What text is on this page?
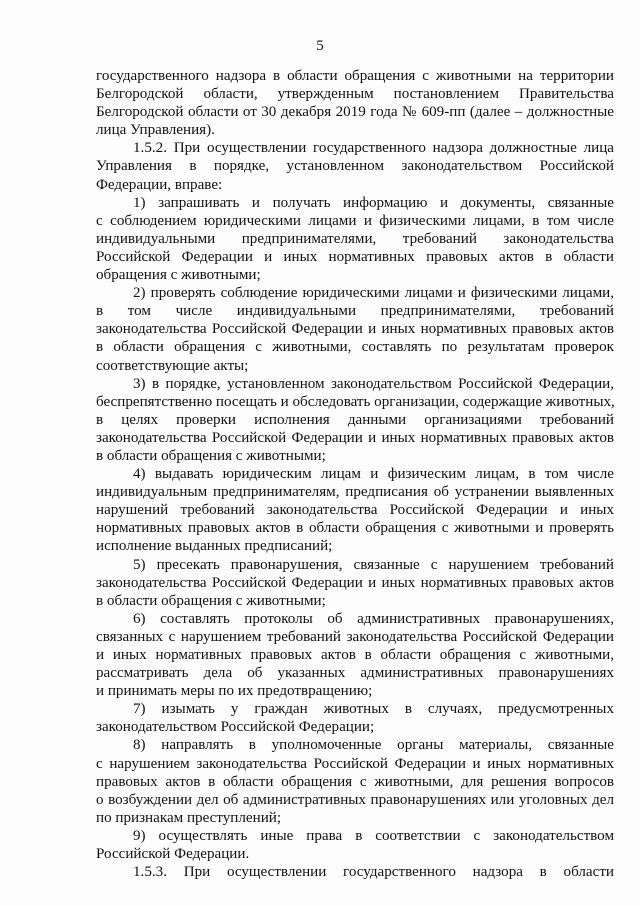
5
государственного надзора в области обращения с животными на территории
Белгородской области, утвержденным постановлением Правительства
Белгородской области от 30 декабря 2019 года № 609-пп (далее – должностные
лица Управления).
1.5.2. При осуществлении государственного надзора должностные лица
Управления в порядке, установленном законодательством Российской
Федерации, вправе:
1) запрашивать и получать информацию и документы, связанные
с соблюдением юридическими лицами и физическими лицами, в том числе
индивидуальными предпринимателями, требований законодательства
Российской Федерации и иных нормативных правовых актов в области
обращения с животными;
2) проверять соблюдение юридическими лицами и физическими лицами,
в том числе индивидуальными предпринимателями, требований
законодательства Российской Федерации и иных нормативных правовых актов
в области обращения с животными, составлять по результатам проверок
соответствующие акты;
3) в порядке, установленном законодательством Российской Федерации,
беспрепятственно посещать и обследовать организации, содержащие животных,
в целях проверки исполнения данными организациями требований
законодательства Российской Федерации и иных нормативных правовых актов
в области обращения с животными;
4) выдавать юридическим лицам и физическим лицам, в том числе
индивидуальным предпринимателям, предписания об устранении выявленных
нарушений требований законодательства Российской Федерации и иных
нормативных правовых актов в области обращения с животными и проверять
исполнение выданных предписаний;
5) пресекать правонарушения, связанные с нарушением требований
законодательства Российской Федерации и иных нормативных правовых актов
в области обращения с животными;
6) составлять протоколы об административных правонарушениях,
связанных с нарушением требований законодательства Российской Федерации
и иных нормативных правовых актов в области обращения с животными,
рассматривать дела об указанных административных правонарушениях
и принимать меры по их предотвращению;
7) изымать у граждан животных в случаях, предусмотренных
законодательством Российской Федерации;
8) направлять в уполномоченные органы материалы, связанные
с нарушением законодательства Российской Федерации и иных нормативных
правовых актов в области обращения с животными, для решения вопросов
о возбуждении дел об административных правонарушениях или уголовных дел
по признакам преступлений;
9) осуществлять иные права в соответствии с законодательством
Российской Федерации.
1.5.3. При осуществлении государственного надзора в области
